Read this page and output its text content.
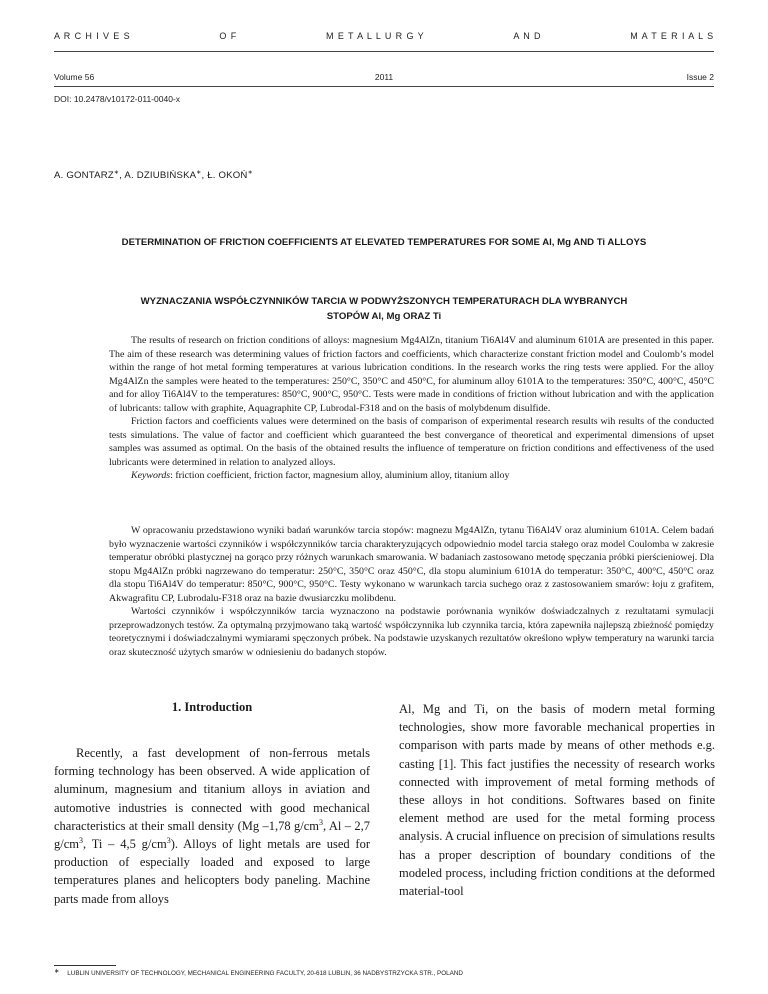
A R C H I V E S	O F	M E T A L L U R G Y	A N D	M A T E R I A L S
Volume 56	2011	Issue 2
DOI: 10.2478/v10172-011-0040-x
A. GONTARZ∗, A. DZIUBIŃSKA∗, Ł. OKOŃ∗
DETERMINATION OF FRICTION COEFFICIENTS AT ELEVATED TEMPERATURES FOR SOME Al, Mg AND Ti ALLOYS
WYZNACZANIA WSPÓŁCZYNNIKÓW TARCIA W PODWYŻSZONYCH TEMPERATURACH DLA WYBRANYCH STOPÓW Al, Mg ORAZ Ti

The results of research on friction conditions of alloys: magnesium Mg4AlZn, titanium Ti6Al4V and aluminum 6101A are presented in this paper. The aim of these research was determining values of friction factors and coefficients, which characterize constant friction model and Coulomb’s model within the range of hot metal forming temperatures at various lubrication conditions. In the research works the ring tests were applied. For the alloy Mg4AlZn the samples were heated to the temperatures: 250°C, 350°C and 450°C, for aluminum alloy 6101A to the temperatures: 350°C, 400°C, 450°C and for alloy Ti6Al4V to the temperatures: 850°C, 900°C, 950°C. Tests were made in conditions of friction without lubrication and with the application of lubricants: tallow with graphite, Aquagraphite CP, Lubrodal-F318 and on the basis of molybdenum disulfide.

Friction factors and coefficients values were determined on the basis of comparison of experimental research results wih results of the conducted tests simulations. The value of factor and coefficient which guaranteed the best convergance of theoretical and experimental dimensions of upset samples was assumed as optimal. On the basis of the obtained results the influence of temperature on friction conditions and effectiveness of the used lubricants were determined in relation to analyzed alloys.

Keywords: friction coefficient, friction factor, magnesium alloy, aluminium alloy, titanium alloy

W opracowaniu przedstawiono wyniki badań warunków tarcia stopów: magnezu Mg4AlZn, tytanu Ti6Al4V oraz aluminium 6101A. Celem badań było wyznaczenie wartości czynników i współczynników tarcia charakteryzujących odpowiednio model tarcia stałego oraz model Coulomba w zakresie temperatur obróbki plastycznej na gorąco przy różnych warunkach smarowania. W badaniach zastosowano metodę spęczania próbki pierścieniowej. Dla stopu Mg4AlZn próbki nagrzewano do temperatur: 250°C, 350°C oraz 450°C, dla stopu aluminium 6101A do temperatur: 350°C, 400°C, 450°C oraz dla stopu Ti6Al4V do temperatur: 850°C, 900°C, 950°C. Testy wykonano w warunkach tarcia suchego oraz z zastosowaniem smarów: łoju z grafitem, Akwagrafitu CP, Lubrodalu-F318 oraz na bazie dwusiarczku molibdenu.

Wartości czynników i współczynników tarcia wyznaczono na podstawie porównania wyników doświadczalnych z rezultatami symulacji przeprowadzonych testów. Za optymalną przyjmowano taką wartość współczynnika lub czynnika tarcia, która zapewniła najlepszą zbieżność pomiędzy teoretycznymi i doświadczalnymi wymiarami spęczonych próbek. Na podstawie uzyskanych rezultatów określono wpływ temperatury na warunki tarcia oraz skuteczność użytych smarów w odniesieniu do badanych stopów.

1. Introduction

Recently, a fast development of non-ferrous metals forming technology has been observed. A wide application of aluminum, magnesium and titanium alloys in aviation and automotive industries is connected with good mechanical characteristics at their small density (Mg –1,78 $g/cm^3$, Al – 2,7 $g/cm^3$, Ti – 4,5 $g/cm^3$). Alloys of light metals are used for production of especially loaded and exposed to large temperatures planes and helicopters body paneling. Machine parts made from alloys

Al, Mg and Ti, on the basis of modern metal forming technologies, show more favorable mechanical properties in comparison with parts made by means of other methods e.g. casting [1]. This fact justifies the necessity of research works connected with improvement of metal forming methods of these alloys in hot conditions. Softwares based on finite element method are used for the metal forming process analysis. A crucial influence on precision of simulations results has a proper description of boundary conditions of the modeled process, including friction conditions at the deformed material-tool

∗ LUBLIN UNIVERSITY OF TECHNOLOGY, MECHANICAL ENGINEERING FACULTY, 20-618 LUBLIN, 36 NADBYSTRZYCKA STR., POLAND
